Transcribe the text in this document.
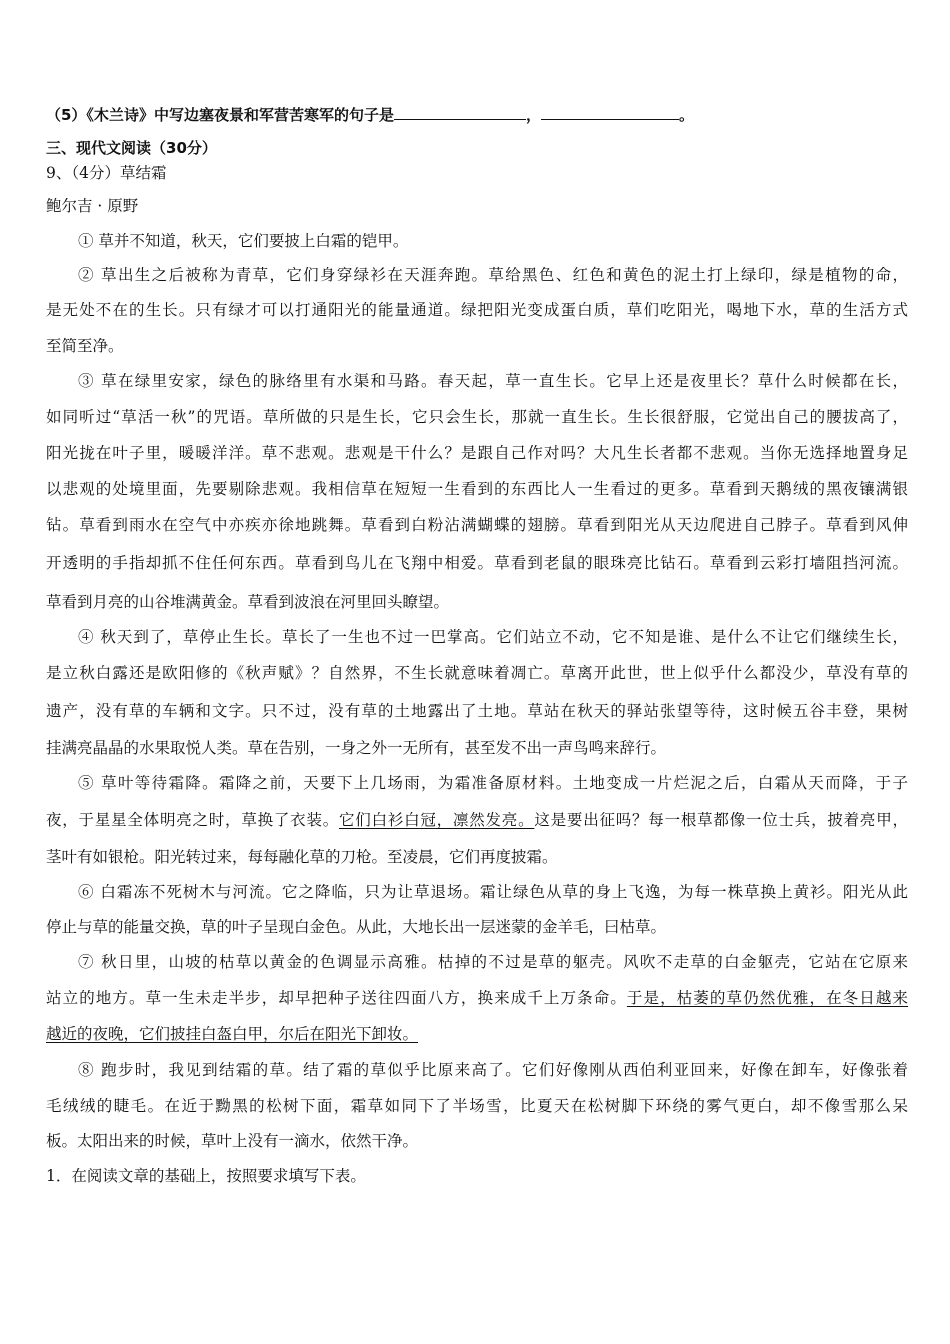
（5）《木兰诗》中写边塞夜景和军营苦寒军的句子是	，	。
三、现代文阅读（30分）
9、（4分）草结霜
鲍尔吉 · 原野
① 草并不知道，秋天，它们要披上白霜的铠甲。
② 草出生之后被称为青草，它们身穿绿衫在天涯奔跑。草给黑色、红色和黄色的泥土打上绿印，绿是植物的命，
是无处不在的生长。只有绿才可以打通阳光的能量通道。绿把阳光变成蛋白质，草们吃阳光，喝地下水，草的生活方式
至简至净。
③ 草在绿里安家，绿色的脉络里有水渠和马路。春天起，草一直生长。它早上还是夜里长？草什么时候都在长，
如同听过“草活一秋”的咒语。草所做的只是生长，它只会生长，那就一直生长。生长很舒服，它觉出自己的腰拔高了，
阳光拢在叶子里，暖暖洋洋。草不悲观。悲观是干什么？是跟自己作对吗？大凡生长者都不悲观。当你无选择地置身足
以悲观的处境里面，先要剔除悲观。我相信草在短短一生看到的东西比人一生看过的更多。草看到天鹅绒的黑夜镶满银
钻。草看到雨水在空气中亦疾亦徐地跳舞。草看到白粉沾满蝴蝶的翅膀。草看到阳光从天边爬进自己脖子。草看到风伸
开透明的手指却抓不住任何东西。草看到鸟儿在飞翔中相爱。草看到老鼠的眼珠亮比钻石。草看到云彩打墙阻挡河流。
草看到月亮的山谷堆满黄金。草看到波浪在河里回头瞭望。
④ 秋天到了，草停止生长。草长了一生也不过一巴掌高。它们站立不动，它不知是谁、是什么不让它们继续生长，
是立秋白露还是欧阳修的《秋声赋》？自然界，不生长就意味着凋亡。草离开此世，世上似乎什么都没少，草没有草的
遗产，没有草的车辆和文字。只不过，没有草的土地露出了土地。草站在秋天的驿站张望等待，这时候五谷丰登，果树
挂满亮晶晶的水果取悦人类。草在告别，一身之外一无所有，甚至发不出一声鸟鸣来辞行。
⑤ 草叶等待霜降。霜降之前，天要下上几场雨，为霜准备原材料。土地变成一片烂泥之后，白霜从天而降，于子
夜，于星星全体明亮之时，草换了衣装。它们白衫白冠，凛然发亮。这是要出征吗？每一根草都像一位士兵，披着亮甲，
茎叶有如银枪。阳光转过来，每每融化草的刀枪。至凌晨，它们再度披霜。
⑥ 白霜冻不死树木与河流。它之降临，只为让草退场。霜让绿色从草的身上飞逸，为每一株草换上黄衫。阳光从此
停止与草的能量交换，草的叶子呈现白金色。从此，大地长出一层迷蒙的金羊毛，曰枯草。
⑦ 秋日里，山坡的枯草以黄金的色调显示高雅。枯掉的不过是草的躯壳。风吹不走草的白金躯壳，它站在它原来
站立的地方。草一生未走半步，却早把种子送往四面八方，换来成千上万条命。于是，枯萎的草仍然优雅，在冬日越来
越近的夜晚，它们披挂白盔白甲，尔后在阳光下卸妆。
⑧ 跑步时，我见到结霜的草。结了霜的草似乎比原来高了。它们好像刚从西伯利亚回来，好像在卸车，好像张着
毛绒绒的睫毛。在近于黝黑的松树下面，霜草如同下了半场雪，比夏天在松树脚下环绕的雾气更白，却不像雪那么呆
板。太阳出来的时候，草叶上没有一滴水，依然干净。
1．在阅读文章的基础上，按照要求填写下表。
